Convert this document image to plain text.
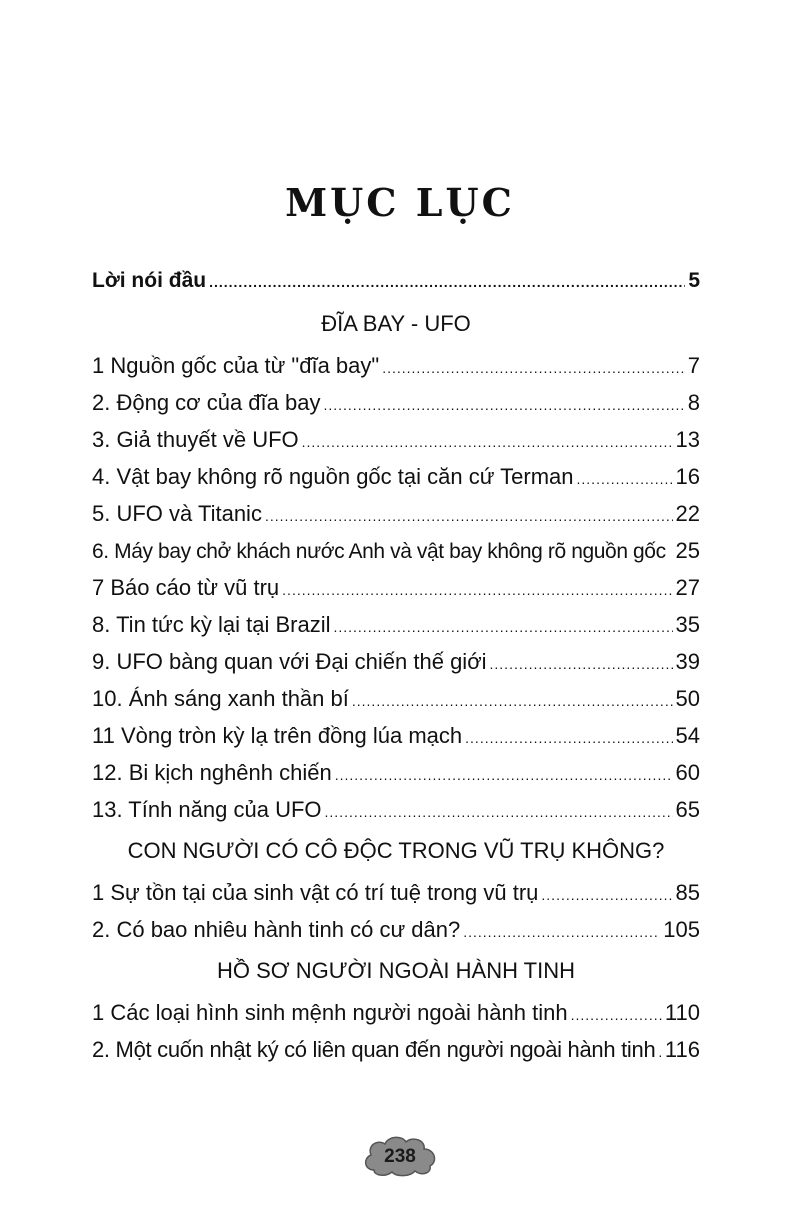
MỤC LỤC
Lời nói đầu .....	5
ĐĨA BAY - UFO
1 Nguồn gốc của từ "đĩa bay" .....	7
2. Động cơ của đĩa bay .....	8
3. Giả thuyết về UFO .....	13
4. Vật bay không rõ nguồn gốc tại căn cứ Terman .....	16
5. UFO và Titanic .....	22
6. Máy bay chở khách nước Anh và vật bay không rõ nguồn gốc 25
7 Báo cáo từ vũ trụ .....	27
8. Tin tức kỳ lại tại Brazil .....	35
9. UFO bàng quan với Đại chiến thế giới .....	39
10. Ánh sáng xanh thần bí .....	50
11 Vòng tròn kỳ lạ trên đồng lúa mạch .....	54
12. Bi kịch nghênh chiến .....	60
13. Tính năng của UFO .....	65
CON NGƯỜI CÓ CÔ ĐỘC TRONG VŨ TRỤ KHÔNG?
1 Sự tồn tại của sinh vật có trí tuệ trong vũ trụ .....	85
2. Có bao nhiêu hành tinh có cư dân? .....	105
HỒ SƠ NGƯỜI NGOÀI HÀNH TINH
1 Các loại hình sinh mệnh người ngoài hành tinh .....	110
2. Một cuốn nhật ký có liên quan đến người ngoài hành tinh ..... 116
238
